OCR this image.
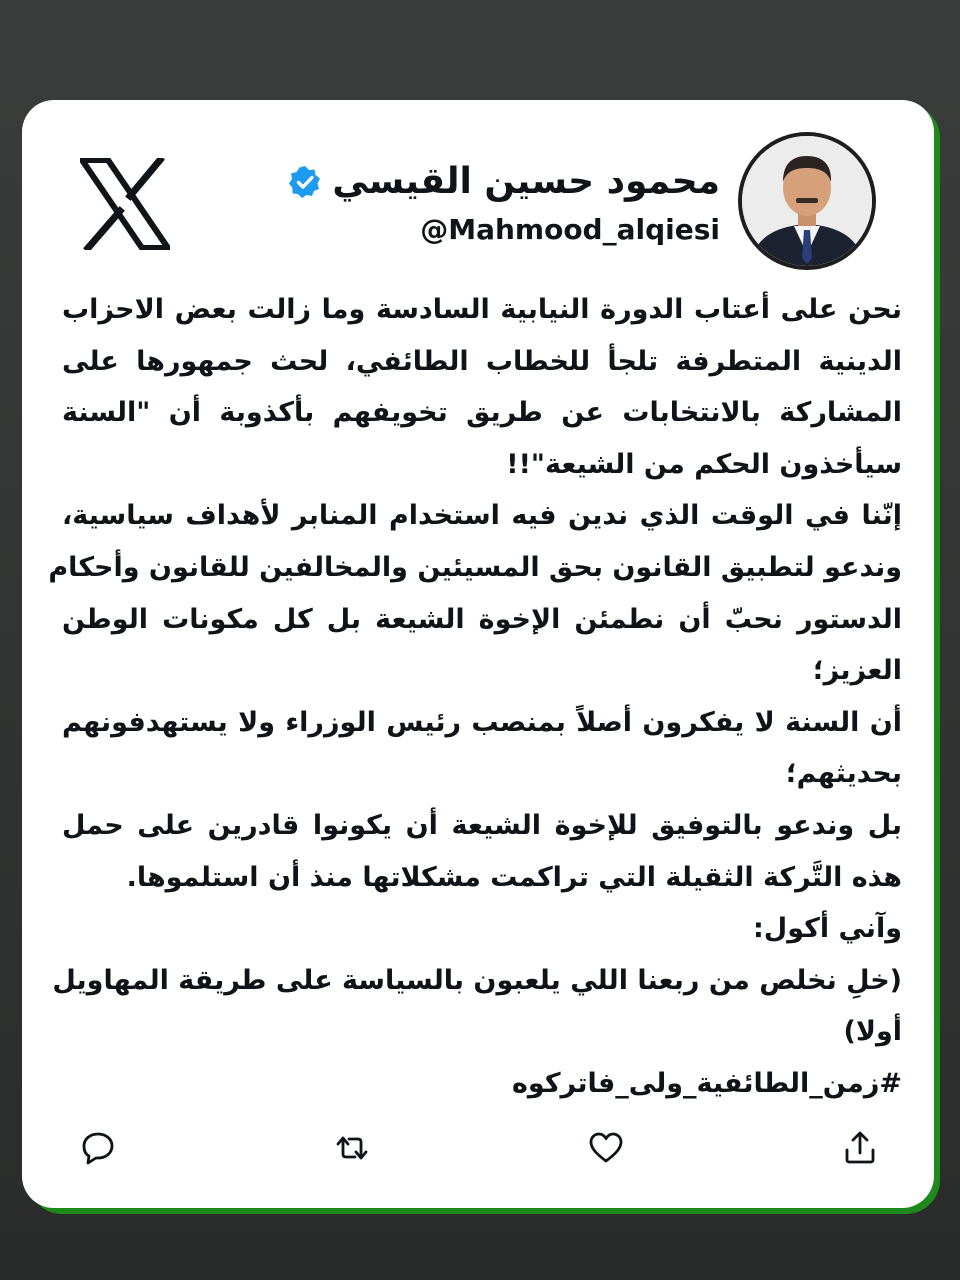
محمود حسين القيسي
@Mahmood_alqiesi
نحن على أعتاب الدورة النيابية السادسة وما زالت بعض الاحزاب
الدينية المتطرفة تلجأ للخطاب الطائفي، لحث جمهورها على
المشاركة بالانتخابات عن طريق تخويفهم بأكذوبة أن "السنة
سيأخذون الحكم من الشيعة"!!
إنّنا في الوقت الذي ندين فيه استخدام المنابر لأهداف سياسية،
وندعو لتطبيق القانون بحق المسيئين والمخالفين للقانون وأحكام
الدستور نحبّ أن نطمئن الإخوة الشيعة بل كل مكونات الوطن
العزيز؛
أن السنة لا يفكرون أصلاً بمنصب رئيس الوزراء ولا يستهدفونهم
بحديثهم؛
بل وندعو بالتوفيق للإخوة الشيعة أن يكونوا قادرين على حمل
هذه التَّركة الثقيلة التي تراكمت مشكلاتها منذ أن استلموها.
وآني أكول:
(خلِ نخلص من ربعنا اللي يلعبون بالسياسة على طريقة المهاويل
أولا)
#زمن_الطائفية_ولى_فاتركوه
